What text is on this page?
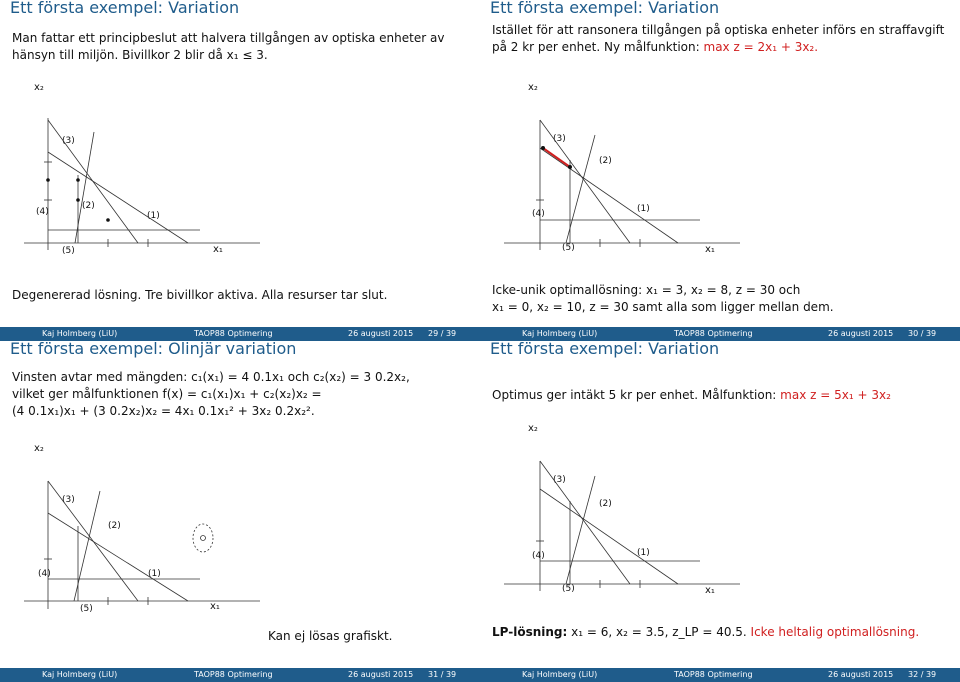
Ett första exempel: Variation
Man fattar ett principbeslut att halvera tillgången av optiska enheter av
hänsyn till miljön. Bivillkor 2 blir då x₁ ≤ 3.
x₂
x₁
(3)
(2)
(4)	(1)
(5)
Degenererad lösning. Tre bivillkor aktiva. Alla resurser tar slut.
Kaj Holmberg (LiU)	TAOP88 Optimering	26 augusti 2015 29 / 39
Ett första exempel: Variation
Istället för att ransonera tillgången på optiska enheter införs en straffavgift
på 2 kr per enhet. Ny målfunktion: max z = 2x₁ + 3x₂.
x₂
x₁
(3)
(2)
(4)	(1)
(5)
Icke-unik optimallösning: x₁ = 3, x₂ = 8, z = 30 och
x₁ = 0, x₂ = 10, z = 30 samt alla som ligger mellan dem.
Kaj Holmberg (LiU)	TAOP88 Optimering	26 augusti 2015 30 / 39
Ett första exempel: Olinjär variation
Vinsten avtar med mängden: c₁(x₁) = 4 0.1x₁ och c₂(x₂) = 3 0.2x₂,
vilket ger målfunktionen f(x) = c₁(x₁)x₁ + c₂(x₂)x₂ =
(4 0.1x₁)x₁ + (3 0.2x₂)x₂ = 4x₁ 0.1x₁² + 3x₂ 0.2x₂².
x₂
x₁
(3)
(2)
(4)	(1)
(5)
Kan ej lösas grafiskt.
Kaj Holmberg (LiU)	TAOP88 Optimering	26 augusti 2015 31 / 39
Ett första exempel: Variation
Optimus ger intäkt 5 kr per enhet. Målfunktion: max z = 5x₁ + 3x₂
x₂
x₁
(3)
(2)
(4)	(1)
(5)
LP-lösning: x₁ = 6, x₂ = 3.5, z_LP = 40.5. Icke heltalig optimallösning.
Kaj Holmberg (LiU)	TAOP88 Optimering	26 augusti 2015 32 / 39
